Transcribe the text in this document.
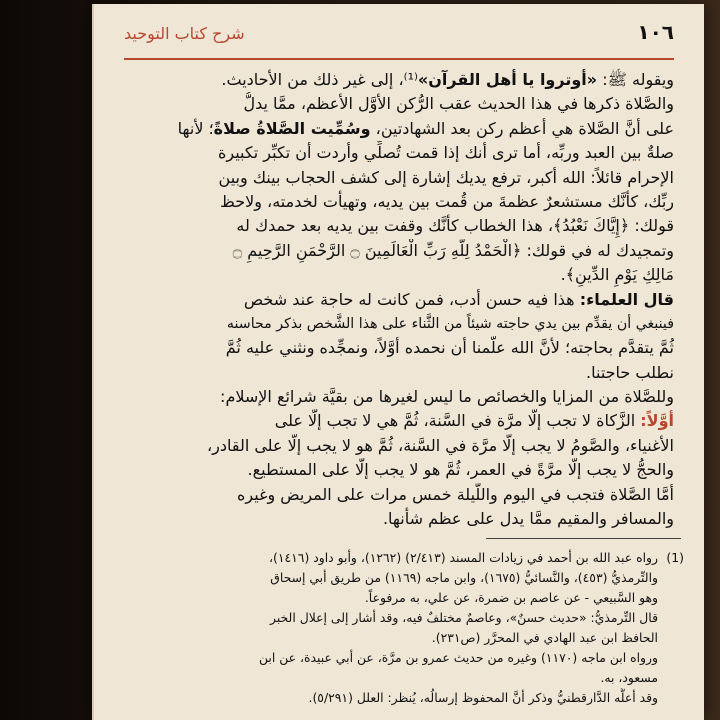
١٠٦
شرح كتاب التوحيد
ويقوله ﷺ: «أوتروا يا أهل القرآن»⁽¹⁾، إلى غير ذلك من الأحاديث.
والصَّلاة ذكرها في هذا الحديث عقب الرُّكن الأوَّل الأعظم، ممَّا يدلُّ
على أنَّ الصَّلاة هي أعظم ركن بعد الشهادتين، وسُمِّيت الصَّلاةُ صلاةً؛ لأنها
صلةٌ بين العبد وربِّه، أما ترى أنك إذا قمت تُصلِّي وأردت أن تكبِّر تكبيرة
الإحرام قائلاً: الله أكبر، ترفع يديك إشارة إلى كشف الحجاب بينك وبين
ربِّك، كأنَّك مستشعرٌ عظمةَ من قُمت بين يديه، وتهيأت لخدمته، ولاحظ
قولك: ﴿إِيَّاكَ نَعْبُدُ﴾، هذا الخطاب كأنَّك وقفت بين يديه بعد حمدك له
وتمجيدك له في قولك: ﴿الْحَمْدُ لِلَّهِ رَبِّ الْعَالَمِينَ ۝ الرَّحْمَنِ الرَّحِيمِ ۝
مَالِكِ يَوْمِ الدِّينِ﴾.
قال العلماء: هذا فيه حسن أدب، فمن كانت له حاجة عند شخص
فينبغي أن يقدِّم بين يدي حاجته شيئاً من الثَّناء على هذا الشَّخص بذكر محاسنه
ثُمَّ يتقدَّم بحاجته؛ لأنَّ الله علَّمنا أن نحمده أوَّلاً، ونمجِّده ونثني عليه ثُمَّ
نطلب حاجتنا.
وللصَّلاة من المزايا والخصائص ما ليس لغيرها من بقيَّة شرائع الإسلام:
أوَّلاً: الزَّكاة لا تجب إلَّا مرَّة في السَّنة، ثُمَّ هي لا تجب إلَّا على
الأغنياء، والصَّومُ لا يجب إلَّا مرَّة في السَّنة، ثُمَّ هو لا يجب إلَّا على القادر،
والحجُّ لا يجب إلَّا مرَّةً في العمر، ثُمَّ هو لا يجب إلَّا على المستطيع.
أمَّا الصَّلاة فتجب في اليوم واللَّيلة خمس مرات على المريض وغيره
والمسافر والمقيم ممَّا يدل على عظم شأنها.
(1)رواه عبد الله بن أحمد في زيادات المسند (٢/٤١٣) (١٢٦٢)، وأبو داود (١٤١٦)،
والتِّرمذيُّ (٤٥٣)، والنَّسائيُّ (١٦٧٥)، وابن ماجه (١١٦٩) من طريق أبي إسحاق
وهو السَّبيعي - عن عاصم بن ضمرة، عن علي، به مرفوعاً.
قال التِّرمذيُّ: «حديث حسنٌ»، وعاصمٌ مختلفٌ فيه، وقد أشار إلى إعلال الخبر
الحافظ ابن عبد الهادي في المحرَّر (ص٢٣١).
ورواه ابن ماجه (١١٧٠) وغيره من حديث عمرو بن مرَّة، عن أبي عبيدة، عن ابن
مسعود، به.
وقد أعلَّه الدَّارقطنيُّ وذكر أنَّ المحفوظ إرسالُه، يُنظر: العلل (٥/٢٩١).
